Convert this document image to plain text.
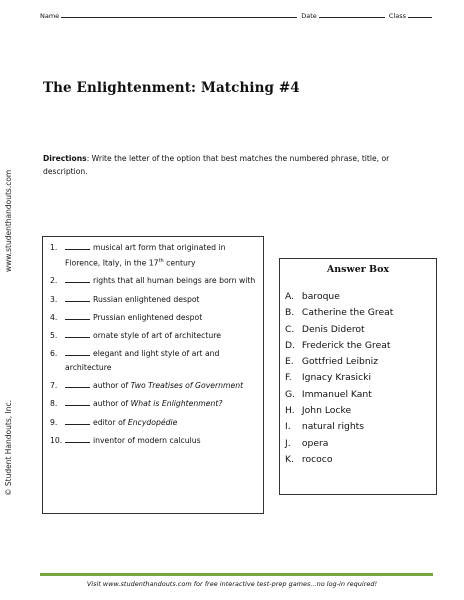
Name	Date	Class
www.studenthandouts.com
© Student Handouts, Inc.
The Enlightenment: Matching #4
Directions: Write the letter of the option that best matches the numbered phrase, title, or description.
1.	musical art form that originated in Florence, Italy, in the 17th century
2.	rights that all human beings are born with
3.	Russian enlightened despot
4.	Prussian enlightened despot
5.	ornate style of art of architecture
6.	elegant and light style of art and architecture
7.	author of Two Treatises of Government
8.	author of What is Enlightenment?
9.	editor of Encydopédie
10.	inventor of modern calculus
Answer Box
A. baroque
B. Catherine the Great
C. Denis Diderot
D. Frederick the Great
E. Gottfried Leibniz
F. Ignacy Krasicki
G. Immanuel Kant
H. John Locke
I. natural rights
J. opera
K. rococo
Visit www.studenthandouts.com for free interactive test-prep games...no log-in required!
